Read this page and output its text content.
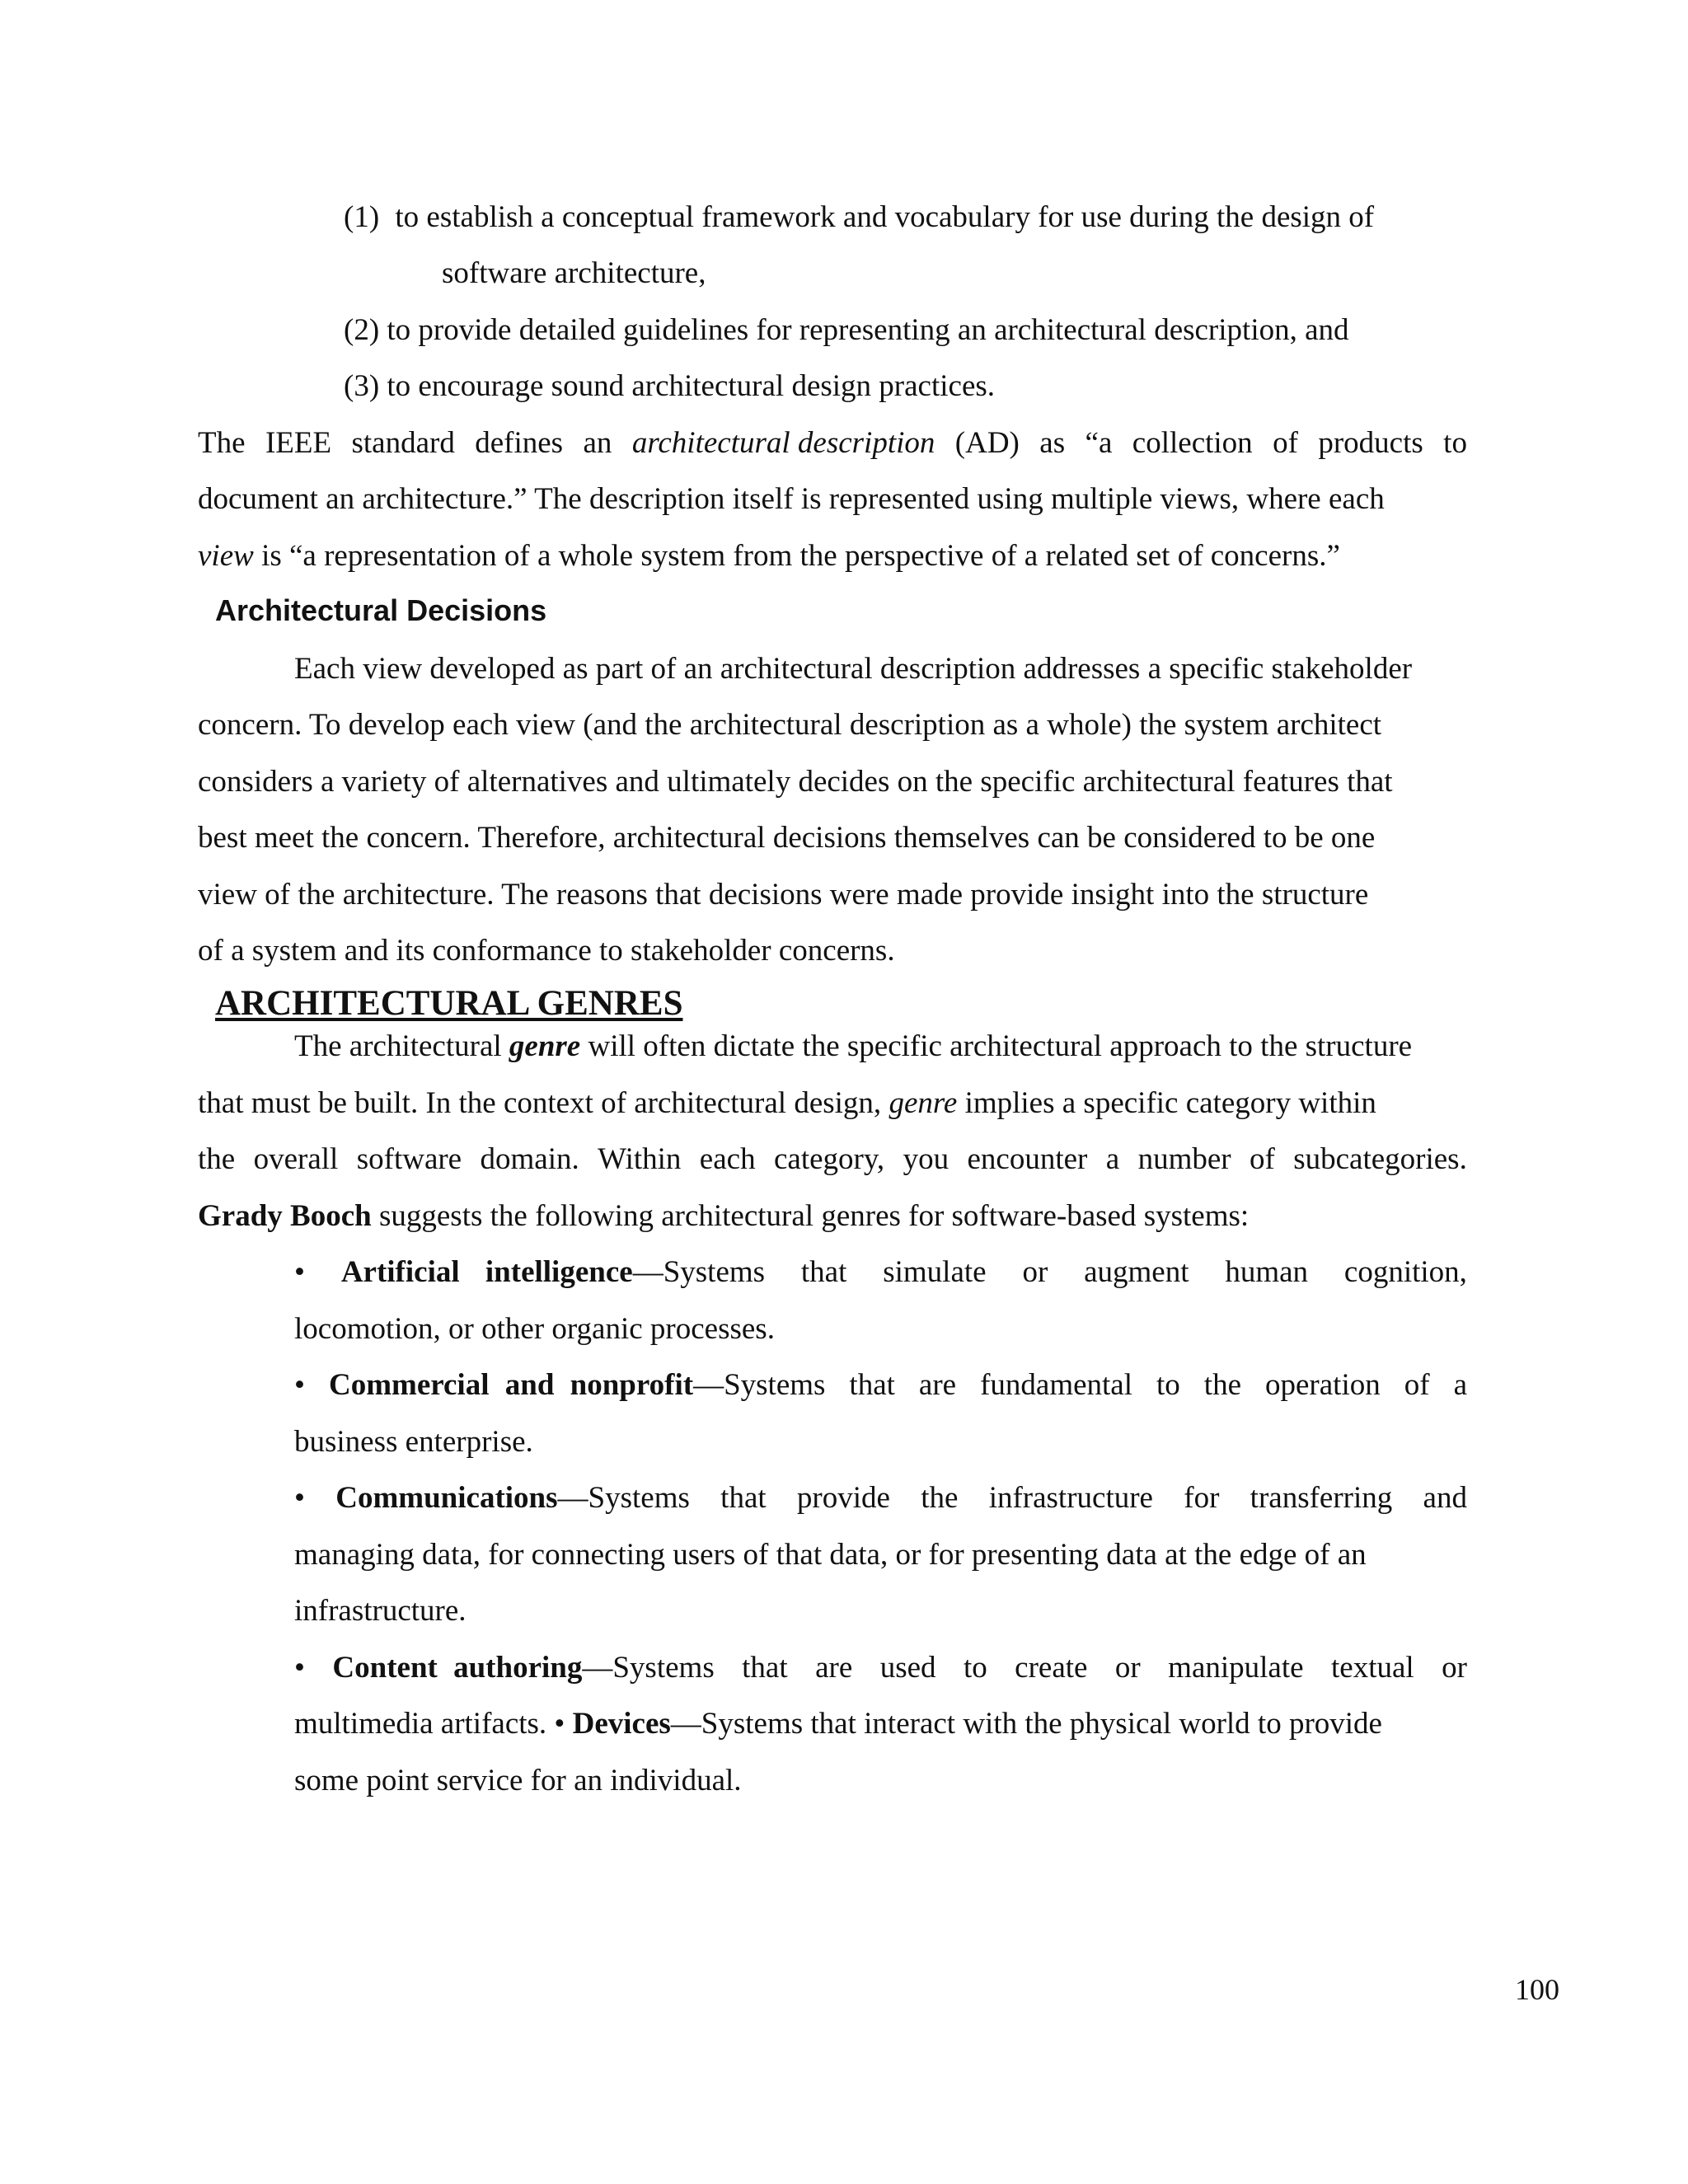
(1) to establish a conceptual framework and vocabulary for use during the design of
software architecture,
(2) to provide detailed guidelines for representing an architectural description, and
(3) to encourage sound architectural design practices.
The IEEE standard defines an architectural description (AD) as “a collection of products to
document an architecture.” The description itself is represented using multiple views, where each
view is “a representation of a whole system from the perspective of a related set of concerns.”
Architectural Decisions
Each view developed as part of an architectural description addresses a specific stakeholder
concern. To develop each view (and the architectural description as a whole) the system architect
considers a variety of alternatives and ultimately decides on the specific architectural features that
best meet the concern. Therefore, architectural decisions themselves can be considered to be one
view of the architecture. The reasons that decisions were made provide insight into the structure
of a system and its conformance to stakeholder concerns.
ARCHITECTURAL GENRES
The architectural genre will often dictate the specific architectural approach to the structure
that must be built. In the context of architectural design, genre implies a specific category within
the overall software domain. Within each category, you encounter a number of subcategories.
Grady Booch suggests the following architectural genres for software-based systems:
• Artificial intelligence—Systems that simulate or augment human cognition,
locomotion, or other organic processes.
• Commercial and nonprofit—Systems that are fundamental to the operation of a
business enterprise.
• Communications—Systems that provide the infrastructure for transferring and
managing data, for connecting users of that data, or for presenting data at the edge of an
infrastructure.
• Content authoring—Systems that are used to create or manipulate textual or
multimedia artifacts. • Devices—Systems that interact with the physical world to provide
some point service for an individual.
100
